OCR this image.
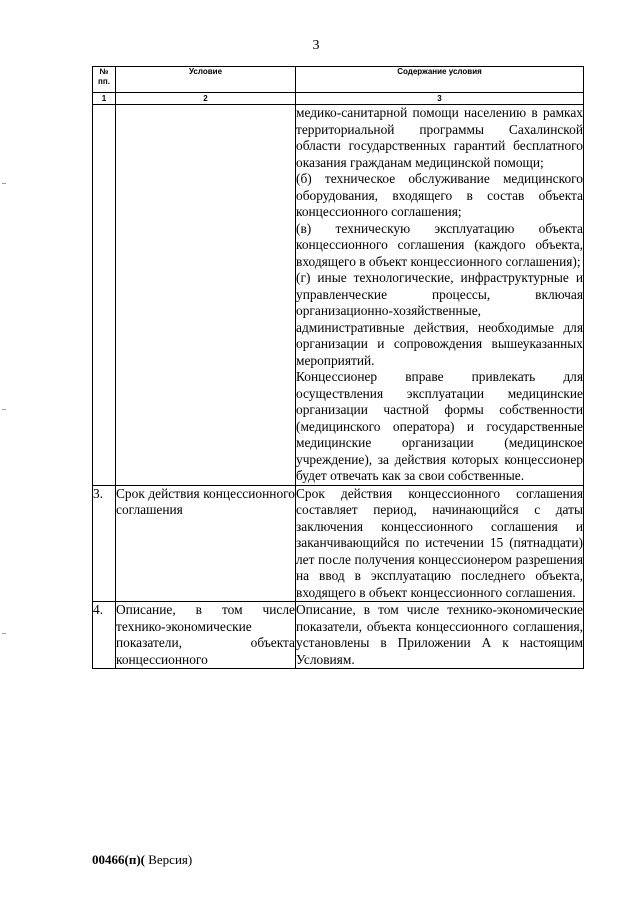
3
№ пп.	Условие	Содержание условия
1	2	3

		медико-санитарной помощи населению в рамках территориальной программы Сахалинской области государственных гарантий бесплатного оказания гражданам медицинской помощи;

(б) техническое обслуживание медицинского оборудования, входящего в состав объекта концессионного соглашения;

(в) техническую эксплуатацию объекта концессионного соглашения (каждого объекта, входящего в объект концессионного соглашения);

(г) иные технологические, инфраструктурные и управленческие процессы, включая организационно-хозяйственные, административные действия, необходимые для организации и сопровождения вышеуказанных мероприятий.

Концессионер вправе привлекать для осуществления эксплуатации медицинские организации частной формы собственности (медицинского оператора) и государственные медицинские организации (медицинское учреждение), за действия которых концессионер будет отвечать как за свои собственные.

3.	Срок действия концессионного соглашения	Срок действия концессионного соглашения составляет период, начинающийся с даты заключения концессионного соглашения и заканчивающийся по истечении 15 (пятнадцати) лет после получения концессионером разрешения на ввод в эксплуатацию последнего объекта, входящего в объект концессионного соглашения.

4.	Описание, в том числе технико-экономические показатели, объекта концессионного	Описание, в том числе технико-экономические показатели, объекта концессионного соглашения, установлены в Приложении А к настоящим Условиям.

00466(п)( Версия)
